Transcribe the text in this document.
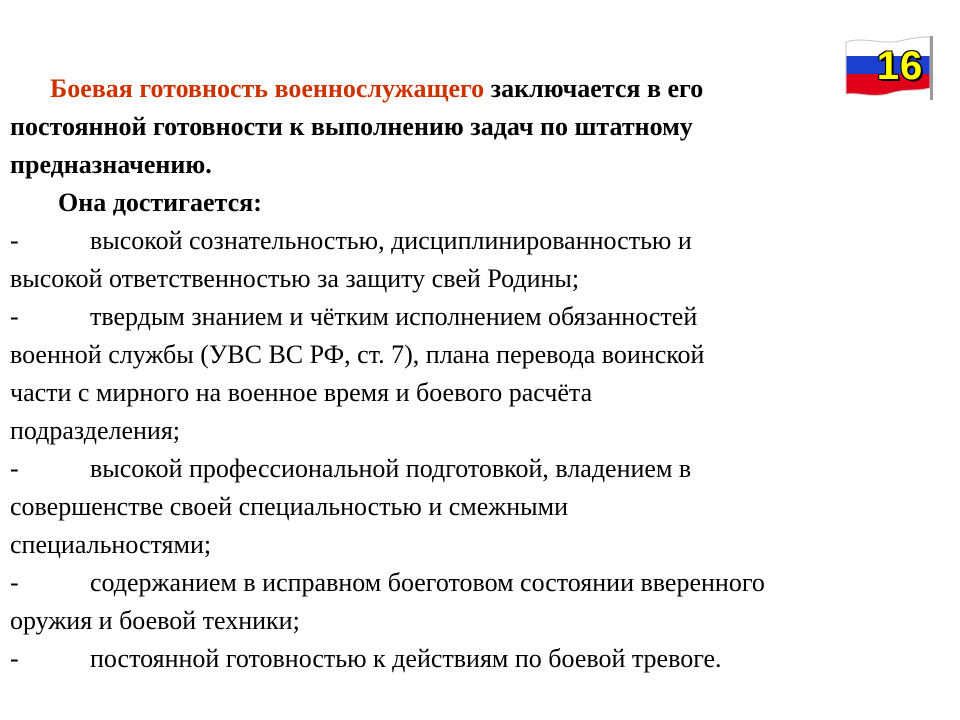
Боевая готовность военнослужащего заключается в его
постоянной готовности к выполнению задач по штатному
предназначению.
Она достигается:
-	высокой сознательностью, дисциплинированностью и
высокой ответственностью за защиту свей Родины;
-	твердым знанием и чётким исполнением обязанностей
военной службы (УВС ВС РФ, ст. 7), плана перевода воинской
части с мирного на военное время и боевого расчёта
подразделения;
-	высокой профессиональной подготовкой, владением в
совершенстве своей специальностью и смежными
специальностями;
-	содержанием в исправном боеготовом состоянии вверенного
оружия и боевой техники;
-	постоянной готовностью к действиям по боевой тревоге.
16
